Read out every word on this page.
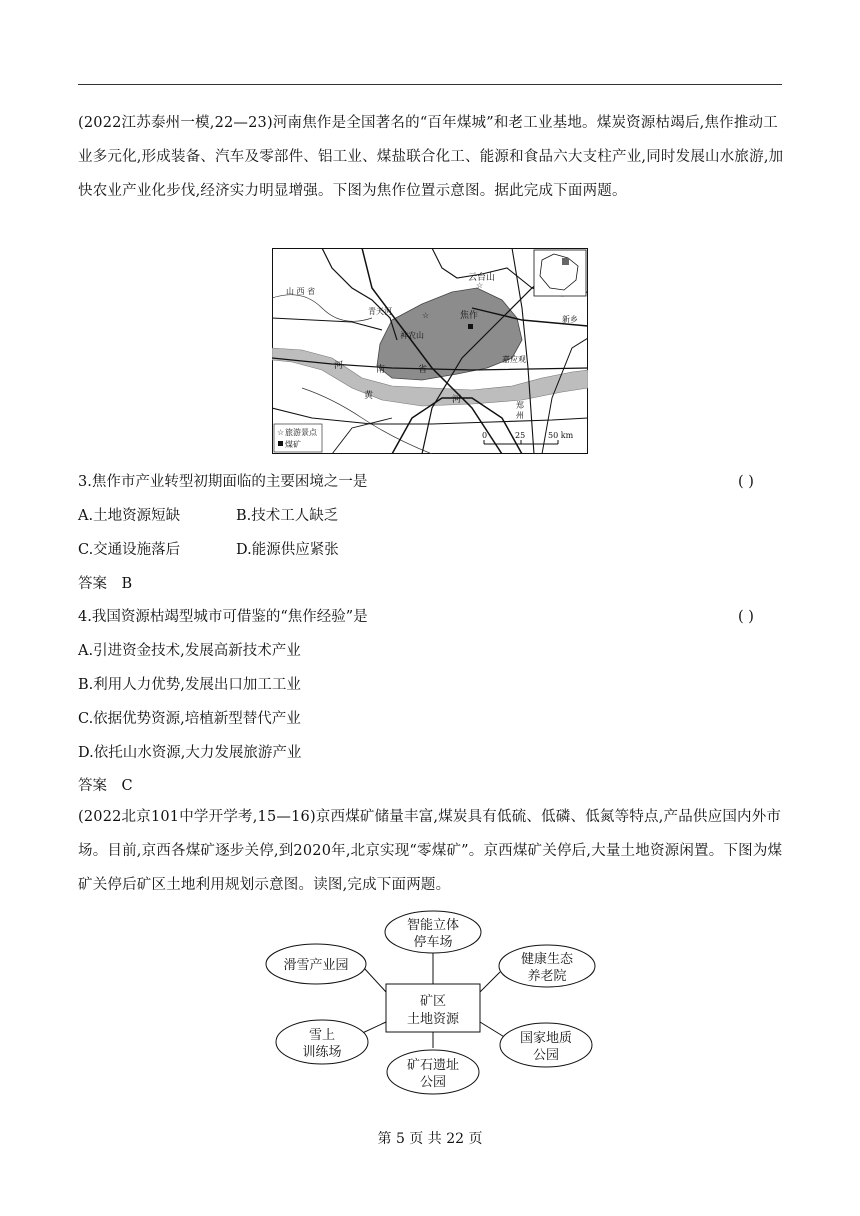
(2022江苏泰州一模,22—23)河南焦作是全国著名的“百年煤城”和老工业基地。煤炭资源枯竭后,焦作推动工业多元化,形成装备、汽车及零部件、铝工业、煤盐联合化工、能源和食品六大支柱产业,同时发展山水旅游,加快农业产业化步伐,经济实力明显增强。下图为焦作位置示意图。据此完成下面两题。
☆ 旅游景点
煤矿
0	25	50 km
山 西 省
河	南	省
黄	河
云台山
☆
青天河	☆
神农山
焦作	新乡
嘉应观
郑
州
3.焦作市产业转型初期面临的主要困境之一是	( )
A.土地资源短缺	B.技术工人缺乏
C.交通设施落后	D.能源供应紧张
答案　B
4.我国资源枯竭型城市可借鉴的“焦作经验”是	( )
A.引进资金技术,发展高新技术产业
B.利用人力优势,发展出口加工工业
C.依据优势资源,培植新型替代产业
D.依托山水资源,大力发展旅游产业
答案　C
(2022北京101中学开学考,15—16)京西煤矿储量丰富,煤炭具有低硫、低磷、低氮等特点,产品供应国内外市场。目前,京西各煤矿逐步关停,到2020年,北京实现“零煤矿”。京西煤矿关停后,大量土地资源闲置。下图为煤矿关停后矿区土地利用规划示意图。读图,完成下面两题。
矿区
土地资源
智能立体
停车场
滑雪产业园	健康生态
养老院
雪上
训练场
国家地质
公园
矿石遗址
公园
第 5 页 共 22 页
